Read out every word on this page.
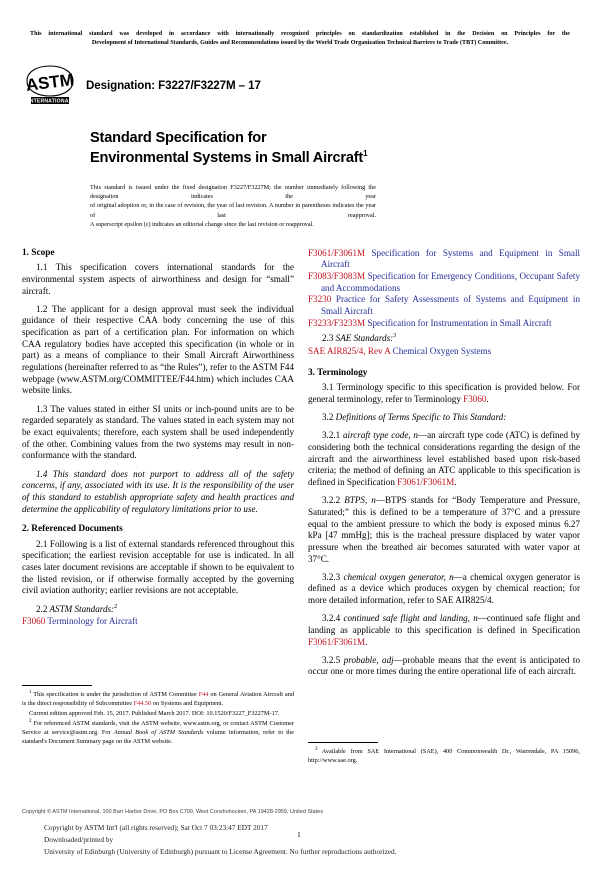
This international standard was developed in accordance with internationally recognized principles on standardization established in the Decision on Principles for the
Development of International Standards, Guides and Recommendations issued by the World Trade Organization Technical Barriers to Trade (TBT) Committee.
ASTM
INTERNATIONAL
Designation: F3227/F3227M – 17
Standard Specification for
Environmental Systems in Small Aircraft$^1$
This standard is issued under the fixed designation F3227/F3227M; the number immediately following the designation indicates the year
of original adoption or, in the case of revision, the year of last revision. A number in parentheses indicates the year of last reapproval.
A superscript epsilon (ε) indicates an editorial change since the last revision or reapproval.
1. Scope

1.1 This specification covers international standards for the environmental system aspects of airworthiness and design for “small” aircraft.

1.2 The applicant for a design approval must seek the individual guidance of their respective CAA body concerning the use of this specification as part of a certification plan. For information on which CAA regulatory bodies have accepted this specification (in whole or in part) as a means of compliance to their Small Aircraft Airworthiness regulations (hereinafter referred to as “the Rules”), refer to the ASTM F44 webpage (www.ASTM.org/COMMITTEE/F44.htm) which includes CAA website links.

1.3 The values stated in either SI units or inch-pound units are to be regarded separately as standard. The values stated in each system may not be exact equivalents; therefore, each system shall be used independently of the other. Combining values from the two systems may result in non-conformance with the standard.

1.4 This standard does not purport to address all of the safety concerns, if any, associated with its use. It is the responsibility of the user of this standard to establish appropriate safety and health practices and determine the applicability of regulatory limitations prior to use.

2. Referenced Documents

2.1 Following is a list of external standards referenced throughout this specification; the earliest revision acceptable for use is indicated. In all cases later document revisions are acceptable if shown to be equivalent to the listed revision, or if otherwise formally accepted by the governing civil aviation authority; earlier revisions are not acceptable.

2.2 ASTM Standards:$^2$

F3060 Terminology for Aircraft

F3061/F3061M Specification for Systems and Equipment in Small Aircraft

F3083/F3083M Specification for Emergency Conditions, Occupant Safety and Accommodations

F3230 Practice for Safety Assessments of Systems and Equipment in Small Aircraft

F3233/F3233M Specification for Instrumentation in Small Aircraft

2.3 SAE Standards:$^3$

SAE AIR825/4, Rev A Chemical Oxygen Systems

3. Terminology

3.1 Terminology specific to this specification is provided below. For general terminology, refer to Terminology F3060.

3.2 Definitions of Terms Specific to This Standard:

3.2.1 aircraft type code, n—an aircraft type code (ATC) is defined by considering both the technical considerations regarding the design of the aircraft and the airworthiness level established based upon risk-based criteria; the method of defining an ATC applicable to this specification is defined in Specification F3061/F3061M.

3.2.2 BTPS, n—BTPS stands for “Body Temperature and Pressure, Saturated;” this is defined to be a temperature of 37°C and a pressure equal to the ambient pressure to which the body is exposed minus 6.27 kPa [47 mmHg]; this is the tracheal pressure displaced by water vapor pressure when the breathed air becomes saturated with water vapor at 37°C.

3.2.3 chemical oxygen generator, n—a chemical oxygen generator is defined as a device which produces oxygen by chemical reaction; for more detailed information, refer to SAE AIR825/4.

3.2.4 continued safe flight and landing, n—continued safe flight and landing as applicable to this specification is defined in Specification F3061/F3061M.

3.2.5 probable, adj—probable means that the event is anticipated to occur one or more times during the entire operational life of each aircraft.

$^1$ This specification is under the jurisdiction of ASTM Committee F44 on General Aviation Aircraft and is the direct responsibility of Subcommittee F44.50 on Systems and Equipment.

Current edition approved Feb. 15, 2017. Published March 2017. DOI: 10.1520/F3227_F3227M-17.

$^2$ For referenced ASTM standards, visit the ASTM website, www.astm.org, or contact ASTM Customer Service at service@astm.org. For Annual Book of ASTM Standards volume information, refer to the standard's Document Summary page on the ASTM website.

$^3$ Available from SAE International (SAE), 400 Commonwealth Dr., Warrendale, PA 15096, http://www.sae.org.

Copyright © ASTM International, 100 Barr Harbor Drive, PO Box C700, West Conshohocken, PA 19428-2959, United States
Copyright by ASTM Int'l (all rights reserved); Sat Oct 7 03:23:47 EDT 2017
Downloaded/printed by
University of Edinburgh (University of Edinburgh) pursuant to License Agreement. No further reproductions authorized.
1
